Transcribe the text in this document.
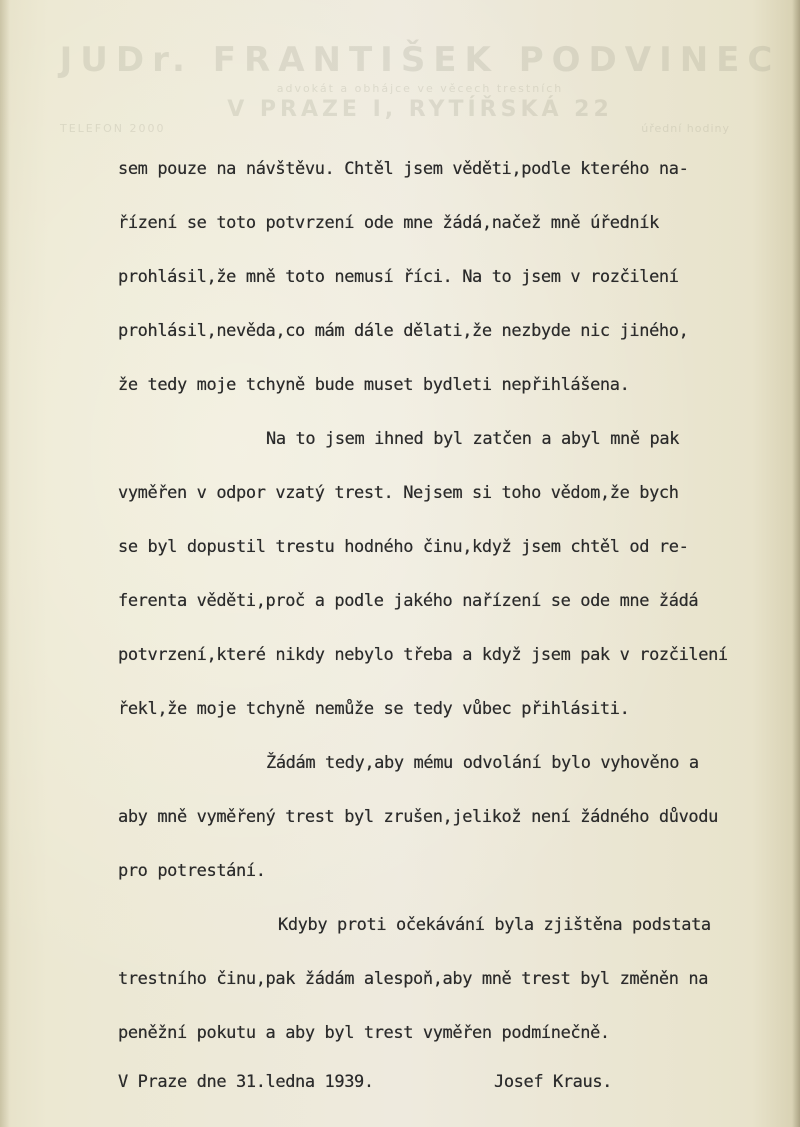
JUDr. FRANTIŠEK PODVINEC
advokát a obhájce ve věcech trestních
V PRAZE I, RYTÍŘSKÁ 22
TELEFON 2000	úřední hodiny
sem pouze na návštěvu. Chtěl jsem věděti,podle kterého na-
řízení se toto potvrzení ode mne žádá,načež mně úředník
prohlásil,že mně toto nemusí říci. Na to jsem v rozčilení
prohlásil,nevěda,co mám dále dělati,že nezbyde nic jiného,
že tedy moje tchyně bude muset bydleti nepřihlášena.
Na to jsem ihned byl zatčen a abyl mně pak
vyměřen v odpor vzatý trest. Nejsem si toho vědom,že bych
se byl dopustil trestu hodného činu,když jsem chtěl od re-
ferenta věděti,proč a podle jakého nařízení se ode mne žádá
potvrzení,které nikdy nebylo třeba a když jsem pak v rozčilení
řekl,že moje tchyně nemůže se tedy vůbec přihlásiti.
Žádám tedy,aby mému odvolání bylo vyhověno a
aby mně vyměřený trest byl zrušen,jelikož není žádného důvodu
pro potrestání.
Kdyby proti očekávání byla zjištěna podstata
trestního činu,pak žádám alespoň,aby mně trest byl změněn na
peněžní pokutu a aby byl trest vyměřen podmínečně.
V Praze dne 31.ledna 1939.	Josef Kraus.
